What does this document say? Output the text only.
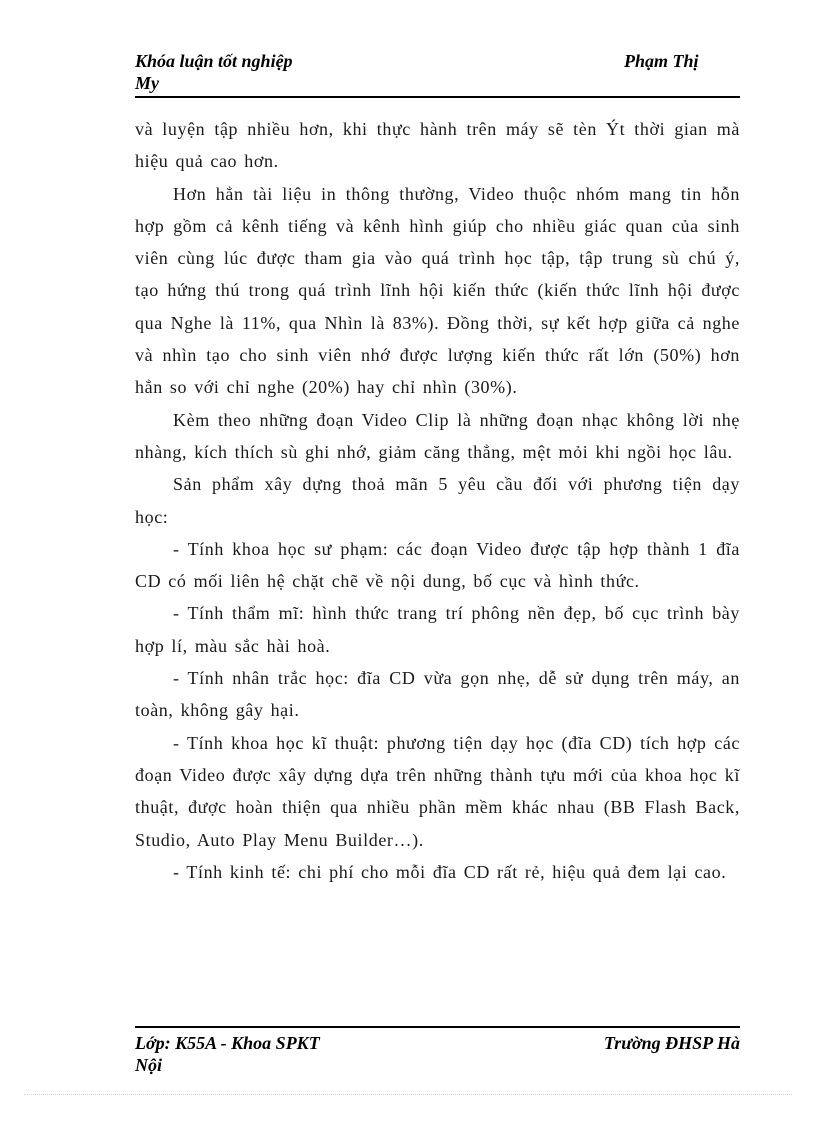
Khóa luận tốt nghiệp
My
Phạm Thị

và luyện tập nhiều hơn, khi thực hành trên máy sẽ tèn Ýt thời gian mà hiệu quả cao hơn.

Hơn hẳn tài liệu in thông thường, Video thuộc nhóm mang tin hỗn hợp gồm cả kênh tiếng và kênh hình giúp cho nhiều giác quan của sinh viên cùng lúc được tham gia vào quá trình học tập, tập trung sù chú ý, tạo hứng thú trong quá trình lĩnh hội kiến thức (kiến thức lĩnh hội được qua Nghe là 11%, qua Nhìn là 83%). Đồng thời, sự kết hợp giữa cả nghe và nhìn tạo cho sinh viên nhớ được lượng kiến thức rất lớn (50%) hơn hẳn so với chỉ nghe (20%) hay chỉ nhìn (30%).

Kèm theo những đoạn Video Clip là những đoạn nhạc không lời nhẹ nhàng, kích thích sù ghi nhớ, giảm căng thẳng, mệt mỏi khi ngồi học lâu.

Sản phẩm xây dựng thoả mãn 5 yêu cầu đối với phương tiện dạy học:

- Tính khoa học sư phạm: các đoạn Video được tập hợp thành 1 đĩa CD có mối liên hệ chặt chẽ về nội dung, bố cục và hình thức.

- Tính thẩm mĩ: hình thức trang trí phông nền đẹp, bố cục trình bày hợp lí, màu sắc hài hoà.

- Tính nhân trắc học: đĩa CD vừa gọn nhẹ, dễ sử dụng trên máy, an toàn, không gây hại.

- Tính khoa học kĩ thuật: phương tiện dạy học (đĩa CD) tích hợp các đoạn Video được xây dựng dựa trên những thành tựu mới của khoa học kĩ thuật, được hoàn thiện qua nhiều phần mềm khác nhau (BB Flash Back, Studio, Auto Play Menu Builder…).

- Tính kinh tế: chi phí cho mỗi đĩa CD rất rẻ, hiệu quả đem lại cao.

Lớp: K55A - Khoa SPKT
Nội
Trường ĐHSP Hà
